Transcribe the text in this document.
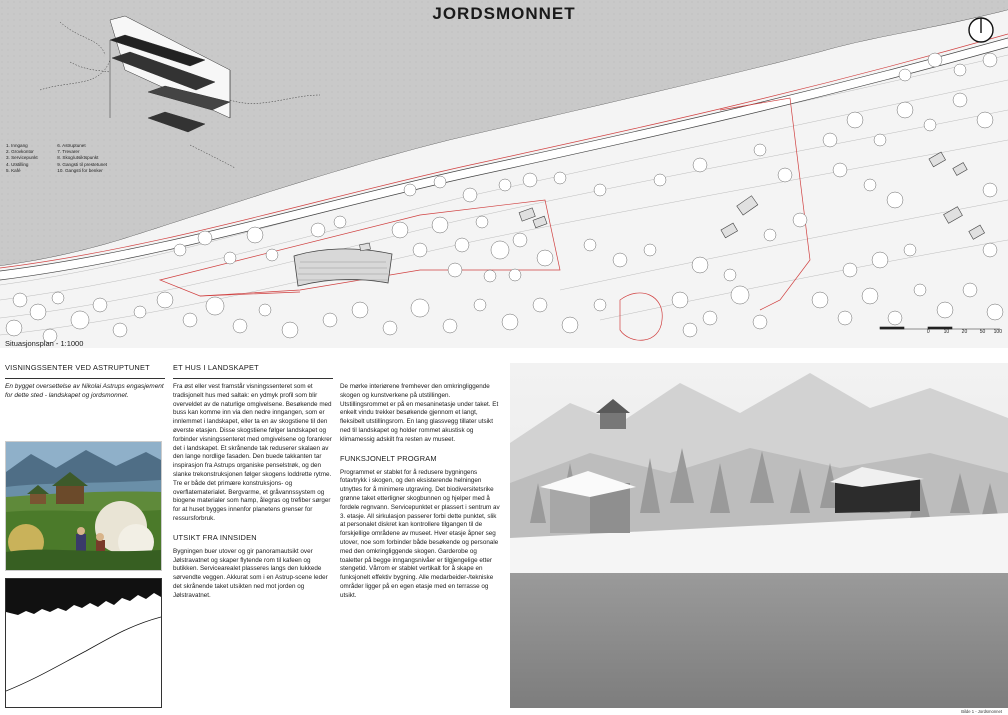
JORDSMONNET
1. Inngang
2. Grovkontor
3. Servicepunkt
4. Utstilling
5. Kafé

6. Astruptunet
7. Trevarer
8. Skog/utsiktspunkt
9. Gangsti til prestetunet
10. Gangsti for benker
0	10	20	50 100
Situasjonsplan - 1:1000
VISNINGSSENTER VED ASTRUPTUNET

En bygget oversettelse av Nikolai Astrups engasjement for dette sted - landskapet og jordsmonnet.

ET HUS I LANDSKAPET

Fra øst eller vest framstår visningssenteret som et tradisjonelt hus med saltak: en ydmyk profil som blir overveldet av de naturlige omgivelsene. Besøkende med buss kan komme inn via den nedre inngangen, som er innlemmet i landskapet, eller ta en av skogstiene til den øverste etasjen. Disse skogstiene følger landskapet og forbinder visningssenteret med omgivelsene og forankrer det i landskapet. Et skrånende tak reduserer skalaen av den lange nordlige fasaden. Den buede takkanten tar inspirasjon fra Astrups organiske penselstrøk, og den slanke trekonstruksjonen følger skogens loddrette rytme. Tre er både det primære konstruksjons- og overflatematerialet. Bergvarme, et gråvannssystem og biogene materialer som hamp, ålegras og trefiber sørger for at huset bygges innenfor planetens grenser for ressursforbruk.

UTSIKT FRA INNSIDEN

Bygningen buer utover og gir panoramautsikt over Jølstravatnet og skaper flytende rom til kafeen og butikken. Servicearealet plasseres langs den lukkede sørvendte veggen. Akkurat som i en Astrup-scene leder det skrånende taket utsikten ned mot jorden og Jølstravatnet.

De mørke interiørene fremhever den omkringliggende skogen og kunstverkene på utstillingen. Utstillingsrommet er på en mesaninetasje under taket. Et enkelt vindu trekker besøkende gjennom et langt, fleksibelt utstillingsrom. En lang glassvegg tillater utsikt ned til landskapet og holder rommet akustisk og klimamessig adskilt fra resten av museet.

FUNKSJONELT PROGRAM

Programmet er stablet for å redusere bygningens fotavtrykk i skogen, og den eksisterende helningen utnyttes for å minimere utgraving. Det biodiversitetsrike grønne taket etterligner skogbunnen og hjelper med å fordele regnvann. Servicepunktet er plassert i sentrum av 3. etasje. All sirkulasjon passerer forbi dette punktet, slik at personalet diskret kan kontrollere tilgangen til de forskjellige områdene av museet. Hver etasje åpner seg utover, noe som forbinder både besøkende og personale med den omkringliggende skogen. Garderobe og toaletter på begge inngangsnivåer er tilgjengelige etter stengetid. Vårrom er stablet vertikalt for å skape en funksjonelt effektiv bygning. Alle medarbeider-/tekniske områder ligger på en egen etasje med en terrasse og utsikt.

Bilde 1 - Jordsmonnet
